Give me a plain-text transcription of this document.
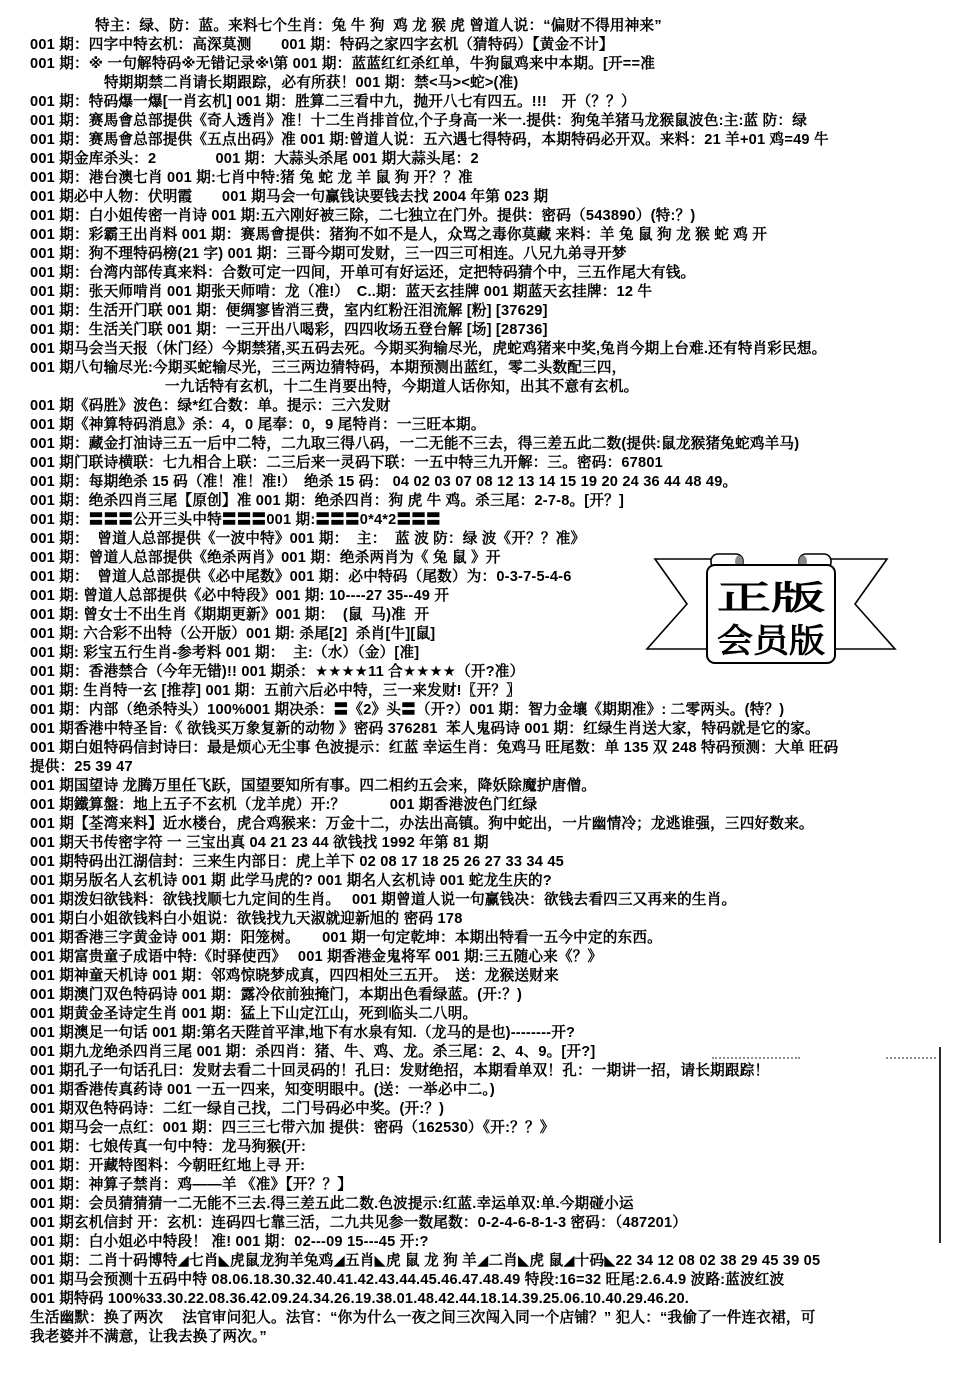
特主：绿、防：蓝。来料七个生肖：兔 牛 狗  鸡 龙 猴 虎 曾道人说：“偏财不得用神来”
001 期：四字中特玄机：高深莫测　　001 期：特码之家四字玄机（猜特码）【黄金不计】
001 期：※ 一句解特码※无错记录※\第 001 期：蓝蓝红红杀红单，牛狗鼠鸡来中本期。[开==准
特期期禁二肖请长期跟踪，必有所获！001 期：禁<马><蛇>(准)
001 期：特码爆一爆[一肖玄机] 001 期：胜算二三看中九，抛开八七有四五。!!!　开（？？）
001 期：赛馬會总部提供《奇人透肖》准！十二生肖排首位,个子身高一米一.提供：狗兔羊猪马龙猴鼠波色:主:蓝 防：绿
001 期：赛馬會总部提供《五点出码》准 001 期:曾道人说：五六遇七得特码，本期特码必开双。来料：21 羊+01 鸡=49 牛
001 期金库杀头：2　　　　001 期：大蒜头杀尾 001 期大蒜头尾：2
001 期：港台澳七肖 001 期:七肖中特:猪 兔 蛇 龙 羊 鼠 狗 开？？准
001 期必中人物：伏明霞　　001 期马会一句赢钱诀要钱去找 2004 年第 023 期
001 期：白小姐传密一肖诗 001 期:五六刚好被三除，二七独立在门外。提供：密码（543890）(特:？)
001 期：彩霸王出肖料 001 期：赛馬會提供：猪狗不如不是人，众骂之毒你莫藏 来料：羊 兔 鼠 狗 龙 猴 蛇 鸡 开
001 期：狗不理特码榜(21 字) 001 期：三哥今期可发财，三一四三可相连。八兄九弟寻开梦
001 期：台湾内部传真来料：合数可定一四间，开单可有好运还，定把特码猜个中，三五作尾大有钱。
001 期：张天师啃肖 001 期张天师啃：龙（准!）　C..期：蓝天玄挂牌 001 期蓝天玄挂牌：12 牛
001 期：生活开门联 001 期：便绸寥皆消三费，室内红粉汪泪流解 [粉] [37629]
001 期：生活关门联 001 期：一三开出八喝彩，四四收场五登台解 [场] [28736]
001 期马会当天报（休门经）今期禁猪,买五码去死。今期买狗输尽光，虎蛇鸡猪来中奖,兔肖今期上台难.还有特肖彩民想。
001 期八句输尽光:今期买蛇输尽光，三三两边猜特码，本期预测出蓝红，零二头数配三四，
一九话特有玄机，十二生肖要出特，今期道人话你知，出其不意有玄机。
001 期《码胜》波色：绿*红合数：单。提示：三六发财
001 期《神算特码消息》杀：4，0 尾奉：0，9 尾特肖：一三旺本期。
001 期：藏金打油诗三五一后中二特，二九取三得八码，一二无能不三去，得三差五此二数(提供:鼠龙猴猪兔蛇鸡羊马)
001 期门联诗横联：七九相合上联：二三后来一灵码下联：一五中特三九开解：三。密码：67801
001 期：每期绝杀 15 码（准！准！准!）　绝杀 15 码： 04 02 03 07 08 12 13 14 15 19 20 24 36 44 48 49。
001 期：绝杀四肖三尾【原创】准 001 期：绝杀四肖：狗 虎 牛 鸡。杀三尾：2-7-8。[开？]
001 期：〓〓〓公开三头中特〓〓〓001 期:〓〓〓0*4*2〓〓〓
001 期：  曾道人总部提供《一波中特》001 期：  主：  蓝 波 防：绿 波《开？？准》
001 期：曾道人总部提供《绝杀两肖》001 期：绝杀两肖为《 兔 鼠 》开
001 期：  曾道人总部提供《必中尾数》001 期：必中特码（尾数）为：0-3-7-5-4-6
001 期: 曾道人总部提供《必中特段》001 期: 10----27 35--49 开
001 期: 曾女士不出生肖《期期更新》001 期：  (鼠  马)准  开
001 期: 六合彩不出特（公开版）001 期: 杀尾[2]  杀肖[牛][鼠]
001 期: 彩宝五行生肖-参考料 001 期：  主:（水）（金）[准]
001 期：香港禁合（今年无错)!! 001 期杀：★★★★11 合★★★★（开?准）
001 期: 生肖特一玄 [推荐] 001 期：五前六后必中特，三一来发财!〖开？〗
001 期：内部（绝杀特头）100%001 期决杀：〓《2》头〓（开?）001 期：智力金壤《期期准》: 二零两头。(特？)
001 期香港中特圣旨:《 欲钱买万象复新的动物 》密码 376281  苯人鬼码诗 001 期：红绿生肖送大家，特码就是它的家。
001 期白姐特码信封诗曰：最是烦心无尘事 色波提示：红蓝 幸运生肖：兔鸡马 旺尾数：单 135 双 248 特码预测：大单 旺码
提供：25 39 47
001 期国望诗 龙腾万里任飞跃，国望要知所有事。四二相约五会来，降妖除魔护唐僧。
001 期鐵算盤：地上五子不玄机（龙羊虎）开:？　　　001 期香港波色门红绿
001 期【荃湾来料】近水楼台，虎合鸡猴来：万金十二，办法出高镇。狗中蛇出，一片幽情冷；龙逃谁强，三四好数来。
001 期天书传密字符 一 三宝出真 04 21 23 44 欲钱找 1992 年第 81 期
001 期特码出江湖信封：三来生内部日：虎上羊下 02 08 17 18 25 26 27 33 34 45
001 期另版名人玄机诗 001 期 此学马虎的? 001 期名人玄机诗 001 蛇龙生庆的?
001 期泼妇欲钱料：欲钱找顺七九定间的生肖。　 001 期曾道人说一句赢钱决：欲钱去看四三又再来的生肖。
001 期白小姐欲钱料白小姐说：欲钱找九天淑就迎新旭的 密码 178
001 期香港三字黄金诗 001 期：阳笼树。　　001 期一句定乾坤：本期出特看一五今中定的东西。
001 期富贵童子成语中特:《时驿使西》　 001 期香港金鬼将军 001 期:三五随心来《？》
001 期神童天机诗 001 期：邻鸡惊晓梦成真，四四相处三五开。　送：龙猴送财来
001 期澳门双色特码诗 001 期：露冷依前独掩门，本期出色看绿蓝。(开:？)
001 期黄金圣诗定生肖 001 期：猛上下山定江山，死到临头二八明。
001 期澳足一句话 001 期:第名天陛首平津,地下有水泉有知.（龙马的是也)--------开?
001 期九龙绝杀四肖三尾 001 期：杀四肖：猪、牛、鸡、龙。杀三尾：2、4、9。[开?]
001 期孔子一句话孔曰：发财去看二十回灵码的！孔曰：发财绝招，本期看单双！孔：一期讲一招，请长期跟踪！
001 期香港传真药诗 001 一五一四来，知变明眼中。(送：一举必中二。)
001 期双色特码诗：二红一绿自己找，二门号码必中奖。(开:？)
001 期马会一点红：001 期：四三三七带六加 提供：密码（162530）《开:？？》
001 期：七娘传真一句中特：龙马狗猴(开:
001 期：开藏特图料：今朝旺红地上寻 开:
001 期：神算子禁肖：鸡——羊 《准》【开？？】
001 期：会员猜猜猜一二无能不三去.得三差五此二数.色波提示:红蓝.幸运单双:单.今期碰小运
001 期玄机信封 开：玄机：连码四七靠三活，二九共见参一数尾数：0-2-4-6-8-1-3 密码：（487201）
001 期：白小姐必中特段！ 准! 001 期：02---09 15---45 开:?
001 期：二肖十码博特◢七肖◣虎鼠龙狗羊兔鸡◢五肖◣虎 鼠 龙 狗 羊◢二肖◣虎 鼠◢十码◣22 34 12 08 02 38 29 45 39 05
001 期马会预测十五码中特 08.06.18.30.32.40.41.42.43.44.45.46.47.48.49 特段:16=32 旺尾:2.6.4.9 波路:蓝波红波
001 期特码 100%33.30.22.08.36.42.09.24.34.26.19.38.01.48.42.44.18.14.39.25.06.10.40.29.46.20.
生活幽默：换了两次　 法官审问犯人。法官：“你为什么一夜之间三次闯入同一个店铺？” 犯人：“我偷了一件连衣裙，可
我老婆并不满意，让我去换了两次。”
正版
会员版
